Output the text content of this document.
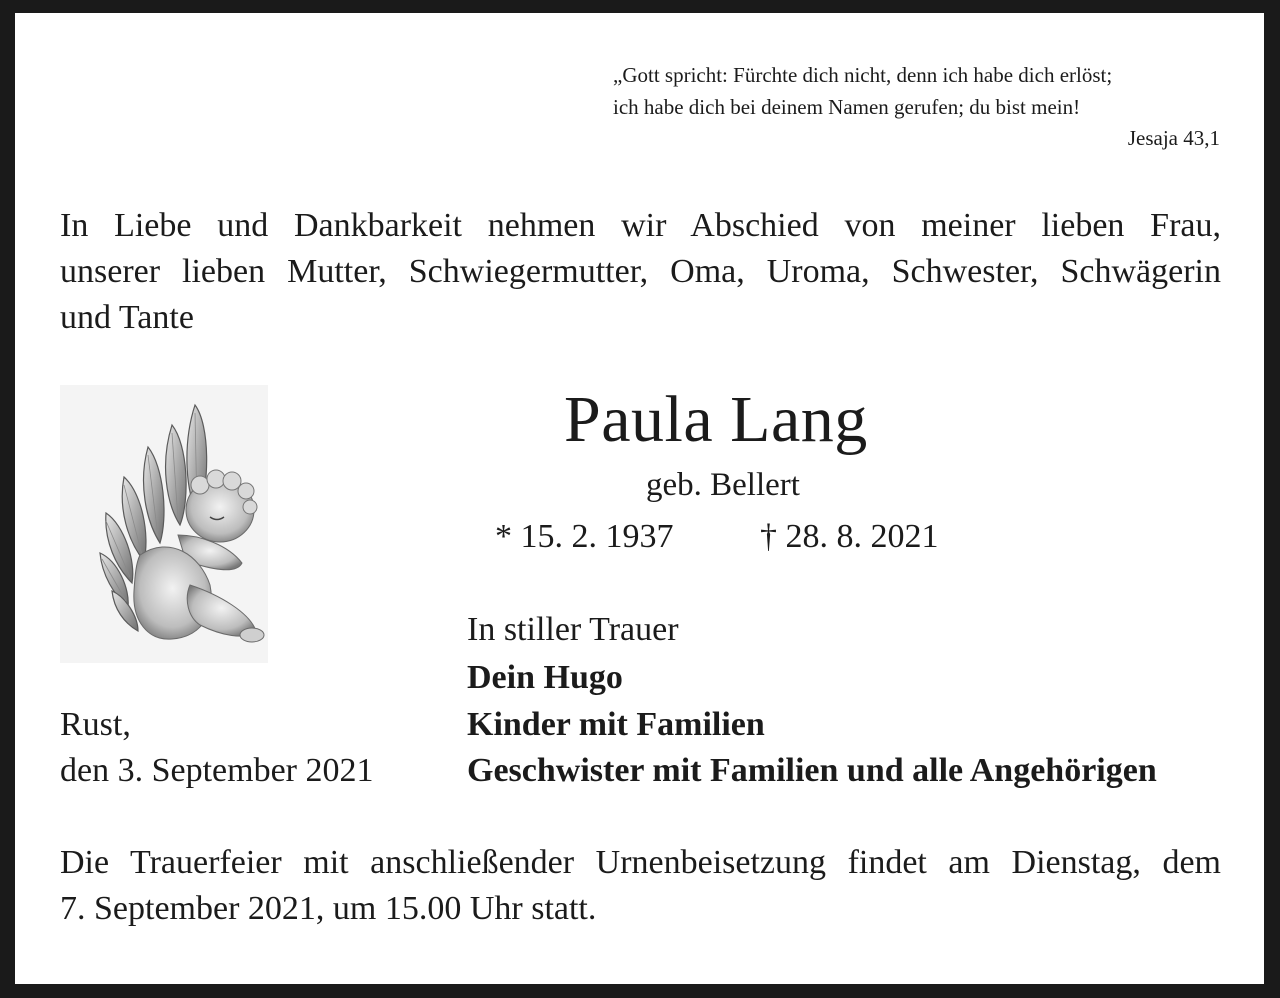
„Gott spricht: Fürchte dich nicht, denn ich habe dich erlöst;
ich habe dich bei deinem Namen gerufen; du bist mein!
Jesaja 43,1
In Liebe und Dankbarkeit nehmen wir Abschied von meiner lieben Frau,
unserer lieben Mutter, Schwiegermutter, Oma, Uroma, Schwester, Schwägerin
und Tante
Paula Lang
geb. Bellert
* 15. 2. 1937	† 28. 8. 2021
In stiller Trauer
Dein Hugo
Kinder mit Familien
Geschwister mit Familien und alle Angehörigen
Rust,
den 3. September 2021
Die Trauerfeier mit anschließender Urnenbeisetzung findet am Dienstag, dem
7. September 2021, um 15.00 Uhr statt.
